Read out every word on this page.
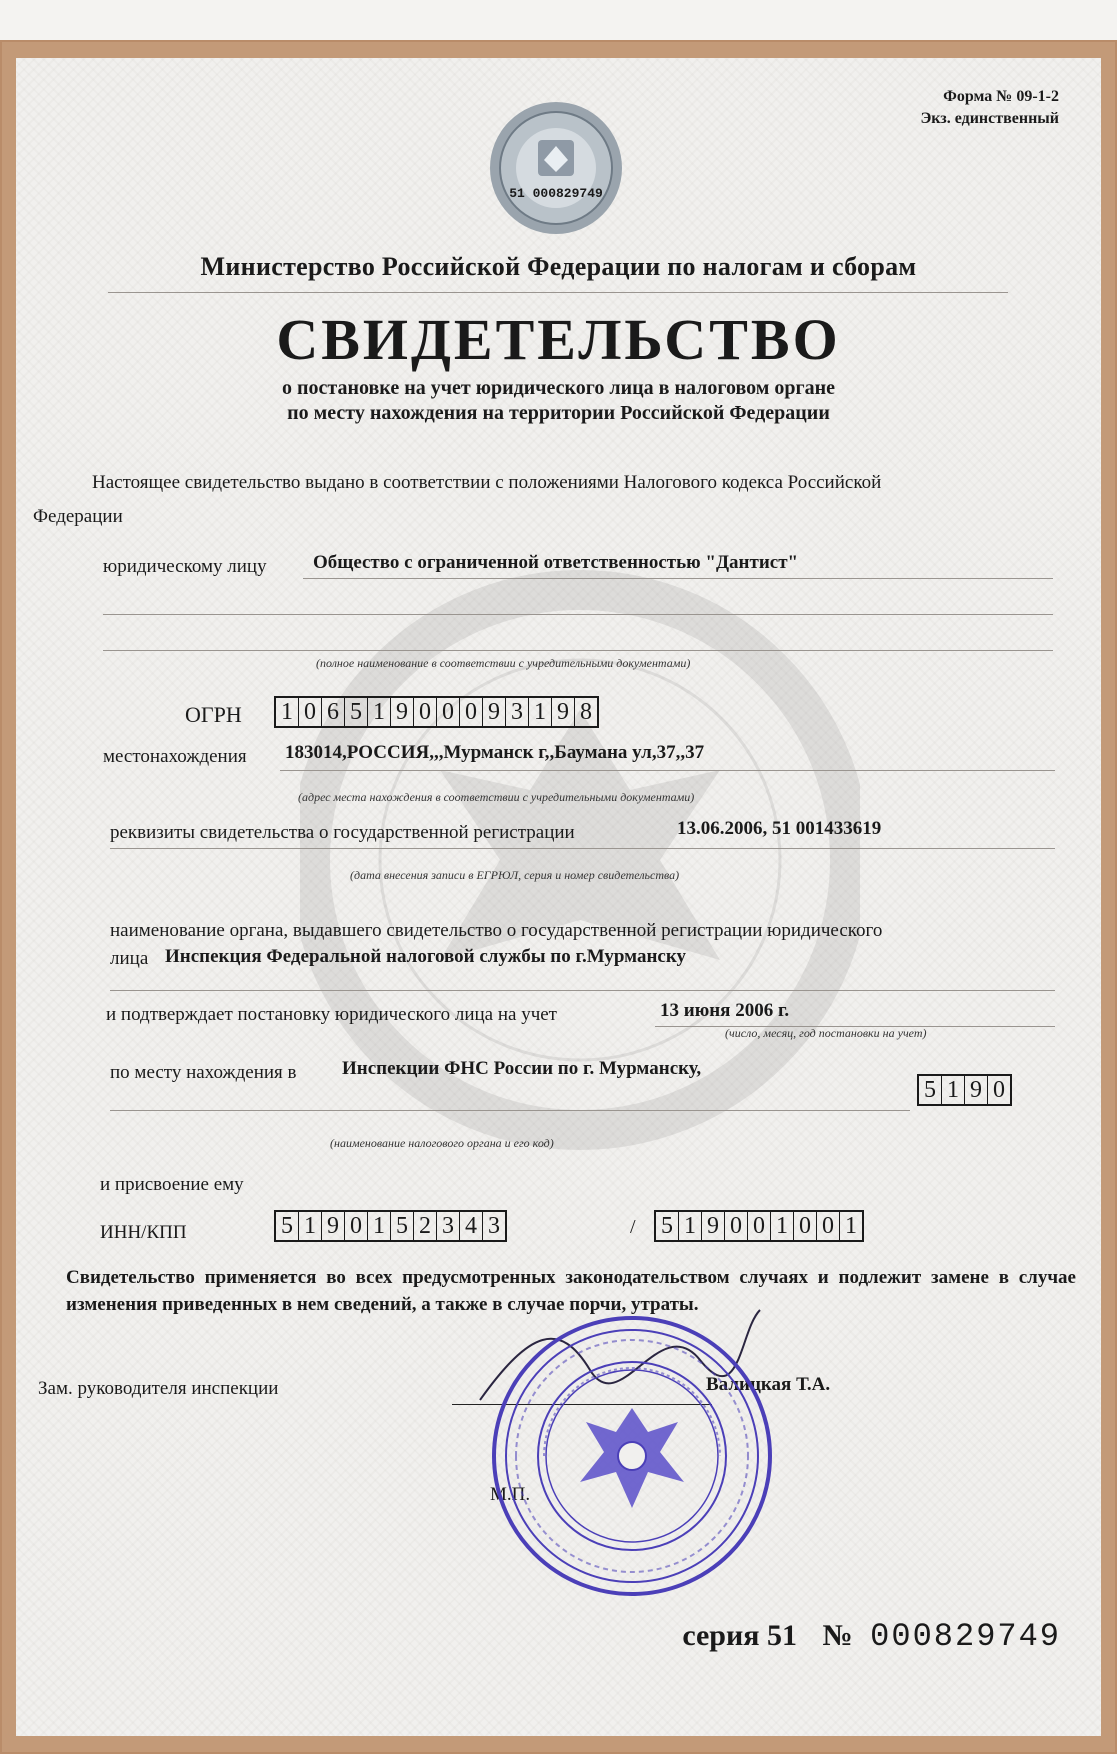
Форма № 09-1-2
Экз. единственный
51 000829749
Министерство Российской Федерации по налогам и сборам
СВИДЕТЕЛЬСТВО
о постановке на учет юридического лица в налоговом органе
по месту нахождения на территории Российской Федерации
Настоящее свидетельство выдано в соответствии с положениями Налогового кодекса Российской
Федерации
юридическому лицу Общество с ограниченной ответственностью "Дантист"
(полное наименование в соответствии с учредительными документами)
ОГРН 1 0 6 5 1 9 0 0 0 9 3 1 9 8
местонахождения 183014,РОССИЯ,,,Мурманск г,,Баумана ул,37,,37
(адрес места нахождения в соответствии с учредительными документами)
реквизиты свидетельства о государственной регистрации	13.06.2006, 51 001433619
(дата внесения записи в ЕГРЮЛ, серия и номер свидетельства)
наименование органа, выдавшего свидетельство о государственной регистрации юридического
лица Инспекция Федеральной налоговой службы по г.Мурманску
и подтверждает постановку юридического лица на учет	13 июня 2006 г.
(число, месяц, год постановки на учет)
по месту нахождения в Инспекции ФНС России по г. Мурманску,
5 1 9 0
(наименование налогового органа и его код)
и присвоение ему
ИНН/КПП	5 1 9 0 1 5 2 3 4 3	/ 5 1 9 0 0 1 0 0 1
Свидетельство применяется во всех предусмотренных законодательством случаях и подлежит замене в случае изменения приведенных в нем сведений, а также в случае порчи, утраты.
Зам. руководителя инспекции	Валицкая Т.А.
М.П.
серия 51 № 000829749
